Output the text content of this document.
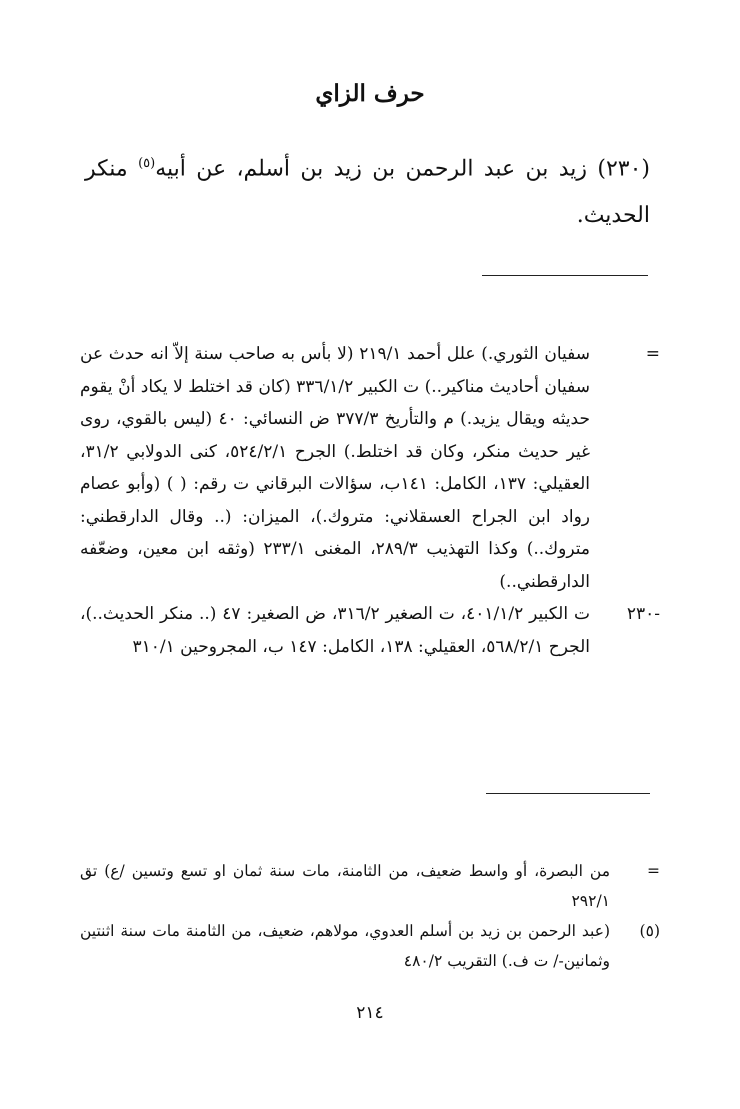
حرف الزاي
(٢٣٠) زيد بن عبد الرحمن بن زيد بن أسلم، عن أبيه$^{(٥)}$ منكر الحديث.
=
سفيان الثوري.) علل أحمد ٢١٩/١ (لا بأس به صاحب سنة إلاّ انه حدث عن سفيان أحاديث مناكير..) ت الكبير ٣٣٦/١/٢ (كان قد اختلط لا يكاد أنْ يقوم حديثه ويقال يزيد.) م والتأريخ ٣٧٧/٣ ض النسائي: ٤٠ (ليس بالقوي، روى غير حديث منكر، وكان قد اختلط.) الجرح ٥٢٤/٢/١، كنى الدولابي ٣١/٢، العقيلي: ١٣٧، الكامل: ١٤١ب، سؤالات البرقاني ت رقم: ( ) (وأبو عصام رواد ابن الجراح العسقلاني: متروك.)، الميزان: (.. وقال الدارقطني: متروك..) وكذا التهذيب ٢٨٩/٣، المغنى ٢٣٣/١ (وثقه ابن معين، وضعّفه الدارقطني..)
-٢٣٠
ت الكبير ٤٠١/١/٢، ت الصغير ٣١٦/٢، ض الصغير: ٤٧ (.. منكر الحديث..)، الجرح ٥٦٨/٢/١، العقيلي: ١٣٨، الكامل: ١٤٧ ب، المجروحين ٣١٠/١
=
من البصرة، أو واسط ضعيف، من الثامنة، مات سنة ثمان او تسع وتسين /ع) تق ٢٩٢/١
(٥)
(عبد الرحمن بن زيد بن أسلم العدوي، مولاهم، ضعيف، من الثامنة مات سنة اثنتين وثمانين-/ ت ف.) التقريب ٤٨٠/٢
٢١٤
